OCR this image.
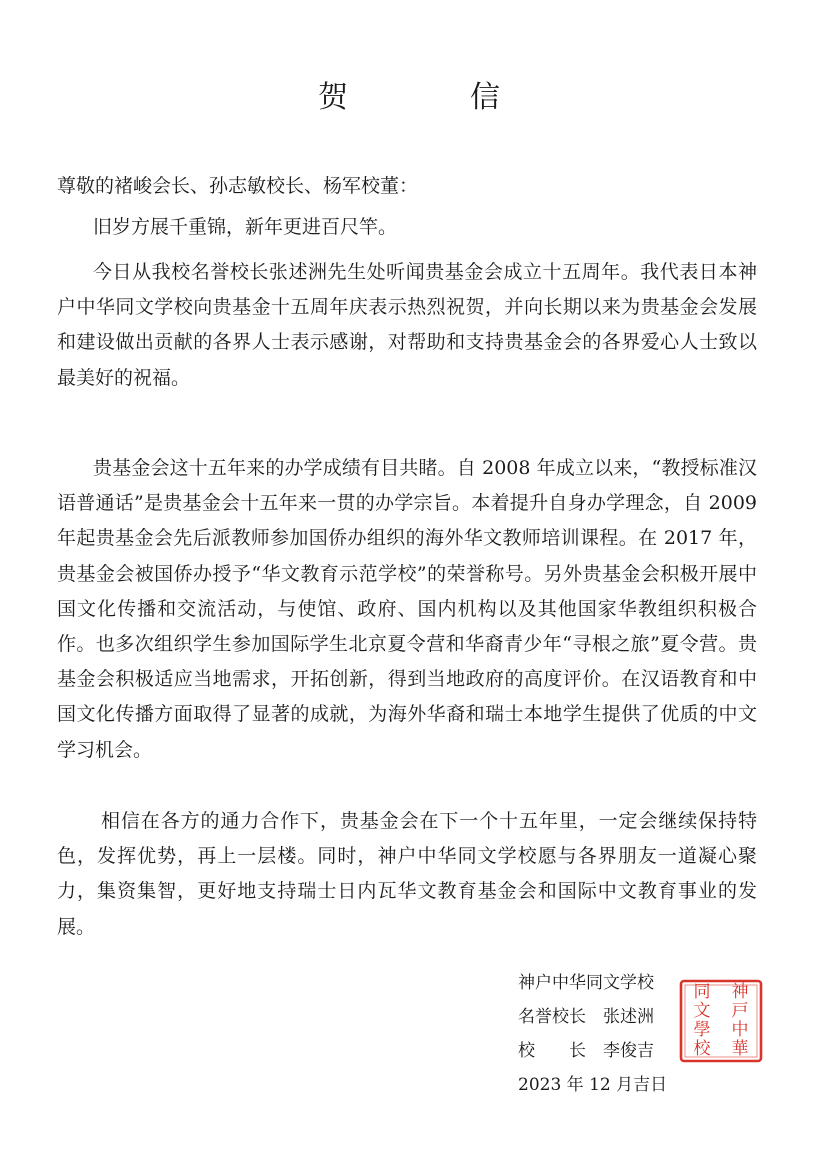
贺　信
尊敬的褚峻会长、孙志敏校长、杨军校董：
旧岁方展千重锦，新年更进百尺竿。
今日从我校名誉校长张述洲先生处听闻贵基金会成立十五周年。我代表日本神户中华同文学校向贵基金十五周年庆表示热烈祝贺，并向长期以来为贵基金会发展和建设做出贡献的各界人士表示感谢，对帮助和支持贵基金会的各界爱心人士致以最美好的祝福。
贵基金会这十五年来的办学成绩有目共睹。自 2008 年成立以来，“教授标准汉语普通话”是贵基金会十五年来一贯的办学宗旨。本着提升自身办学理念，自 2009 年起贵基金会先后派教师参加国侨办组织的海外华文教师培训课程。在 2017 年，贵基金会被国侨办授予“华文教育示范学校”的荣誉称号。另外贵基金会积极开展中国文化传播和交流活动，与使馆、政府、国内机构以及其他国家华教组织积极合作。也多次组织学生参加国际学生北京夏令营和华裔青少年“寻根之旅”夏令营。贵基金会积极适应当地需求，开拓创新，得到当地政府的高度评价。在汉语教育和中国文化传播方面取得了显著的成就，为海外华裔和瑞士本地学生提供了优质的中文学习机会。
相信在各方的通力合作下，贵基金会在下一个十五年里，一定会继续保持特色，发挥优势，再上一层楼。同时，神户中华同文学校愿与各界朋友一道凝心聚力，集资集智，更好地支持瑞士日内瓦华文教育基金会和国际中文教育事业的发展。
神户中华同文学校
名誉校长　张述洲
校　　长　李俊吉
2023 年 12 月吉日
神
戸
中
華
同
文
學
校
